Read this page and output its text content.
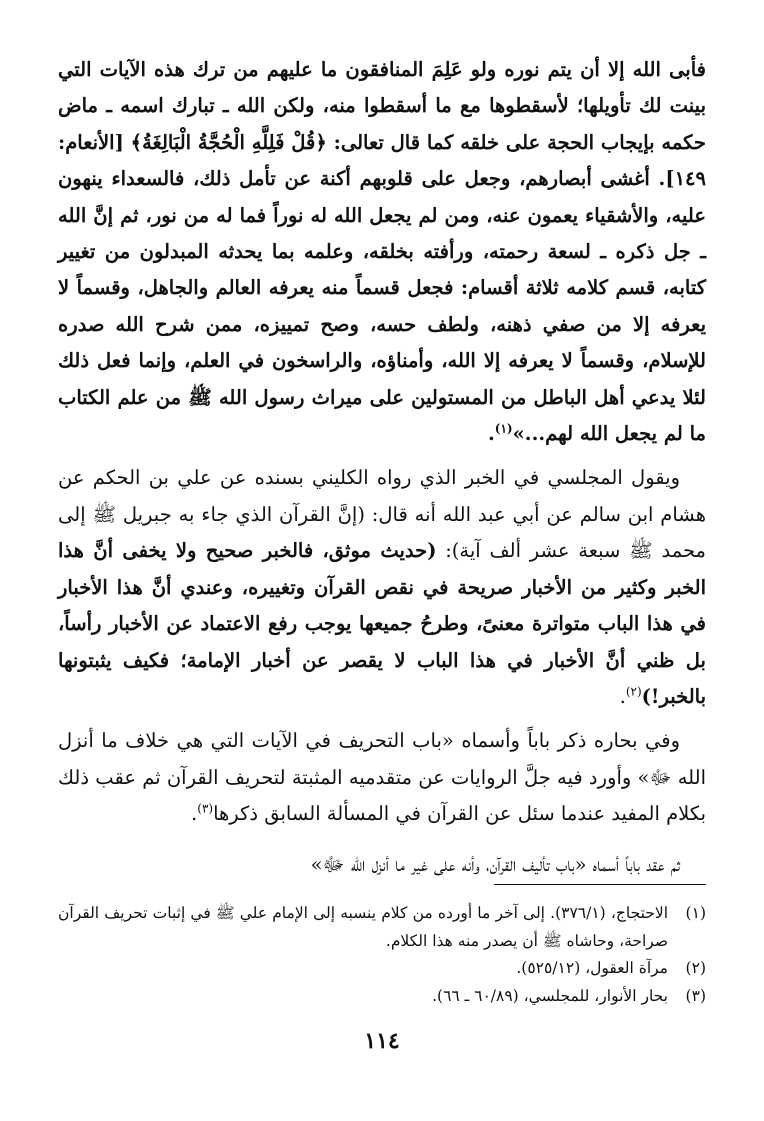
فأبى الله إلا أن يتم نوره ولو عَلِمَ المنافقون ما عليهم من ترك هذه الآيات التي بينت لك تأويلها؛ لأسقطوها مع ما أسقطوا منه، ولكن الله ـ تبارك اسمه ـ ماض حكمه بإيجاب الحجة على خلقه كما قال تعالى: ﴿قُلْ فَلِلَّهِ الْحُجَّةُ الْبَالِغَةُ﴾ [الأنعام: ١٤٩]. أغشى أبصارهم، وجعل على قلوبهم أكنة عن تأمل ذلك، فالسعداء ينهون عليه، والأشقياء يعمون عنه، ومن لم يجعل الله له نوراً فما له من نور، ثم إنَّ الله ـ جل ذكره ـ لسعة رحمته، ورأفته بخلقه، وعلمه بما يحدثه المبدلون من تغيير كتابه، قسم كلامه ثلاثة أقسام: فجعل قسماً منه يعرفه العالم والجاهل، وقسماً لا يعرفه إلا من صفي ذهنه، ولطف حسه، وصح تمييزه، ممن شرح الله صدره للإسلام، وقسماً لا يعرفه إلا الله، وأمناؤه، والراسخون في العلم، وإنما فعل ذلك لئلا يدعي أهل الباطل من المستولين على ميراث رسول الله ﷺ من علم الكتاب ما لم يجعل الله لهم...»$^{(١)}$.

ويقول المجلسي في الخبر الذي رواه الكليني بسنده عن علي بن الحكم عن هشام ابن سالم عن أبي عبد الله أنه قال: (إنَّ القرآن الذي جاء به جبريل ﷺ إلى محمد ﷺ سبعة عشر ألف آية): (حديث موثق، فالخبر صحيح ولا يخفى أنَّ هذا الخبر وكثير من الأخبار صريحة في نقص القرآن وتغييره، وعندي أنَّ هذا الأخبار في هذا الباب متواترة معنىً، وطرحُ جميعها يوجب رفع الاعتماد عن الأخبار رأساً، بل ظني أنَّ الأخبار في هذا الباب لا يقصر عن أخبار الإمامة؛ فكيف يثبتونها بالخبر!)$^{(٢)}$.

وفي بحاره ذكر باباً وأسماه «باب التحريف في الآيات التي هي خلاف ما أنزل الله ﷻ» وأورد فيه جلَّ الروايات عن متقدميه المثبتة لتحريف القرآن ثم عقب ذلك بكلام المفيد عندما سئل عن القرآن في المسألة السابق ذكرها$^{(٣)}$.

ثم عقد باباً أسماه «باب تأليف القرآن، وأنه على غير ما أنزل الله ﷻ»

(١)
الاحتجاج، (٣٧٦/١). إلى آخر ما أورده من كلام ينسبه إلى الإمام علي ﷺ في إثبات تحريف القرآن صراحة، وحاشاه ﷺ أن يصدر منه هذا الكلام.
(٢)
مرآة العقول، (٥٢٥/١٢).
(٣)
بحار الأنوار، للمجلسي، (٦٠/٨٩ ـ ٦٦).
١١٤
